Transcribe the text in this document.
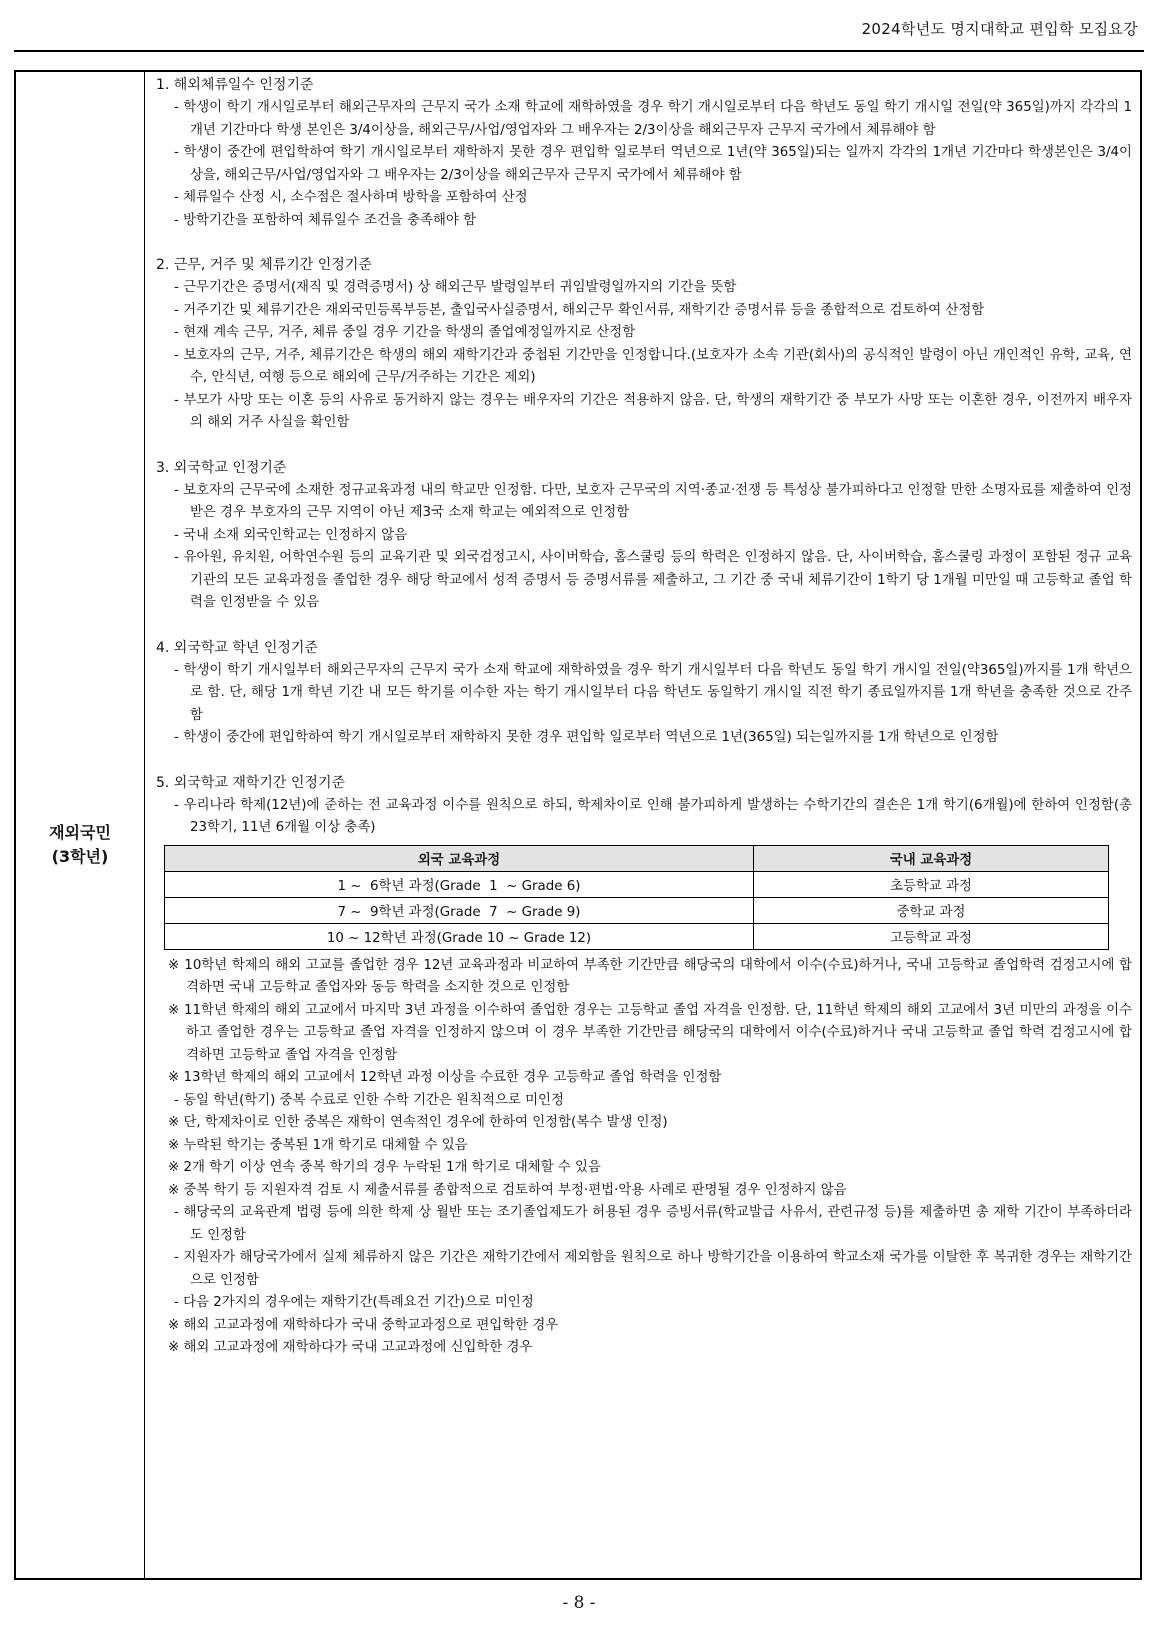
2024학년도 명지대학교 편입학 모집요강
재외국민
(3학년)

1. 해외체류일수 인정기준

- 학생이 학기 개시일로부터 해외근무자의 근무지 국가 소재 학교에 재학하였을 경우 학기 개시일로부터 다음 학년도 동일 학기 개시일 전일(약 365일)까지 각각의 1개년 기간마다 학생 본인은 3/4이상을, 해외근무/사업/영업자와 그 배우자는 2/3이상을 해외근무자 근무지 국가에서 체류해야 함

- 학생이 중간에 편입학하여 학기 개시일로부터 재학하지 못한 경우 편입학 일로부터 역년으로 1년(약 365일)되는 일까지 각각의 1개년 기간마다 학생본인은 3/4이상을, 해외근무/사업/영업자와 그 배우자는 2/3이상을 해외근무자 근무지 국가에서 체류해야 함

- 체류일수 산정 시, 소수점은 절사하며 방학을 포함하여 산정

- 방학기간을 포함하여 체류일수 조건을 충족해야 함

2. 근무, 거주 및 체류기간 인정기준

- 근무기간은 증명서(재직 및 경력증명서) 상 해외근무 발령일부터 귀임발령일까지의 기간을 뜻함

- 거주기간 및 체류기간은 재외국민등록부등본, 출입국사실증명서, 해외근무 확인서류, 재학기간 증명서류 등을 종합적으로 검토하여 산정함

- 현재 계속 근무, 거주, 체류 중일 경우 기간을 학생의 졸업예정일까지로 산정함

- 보호자의 근무, 거주, 체류기간은 학생의 해외 재학기간과 중첩된 기간만을 인정합니다.(보호자가 소속 기관(회사)의 공식적인 발령이 아닌 개인적인 유학, 교육, 연수, 안식년, 여행 등으로 해외에 근무/거주하는 기간은 제외)

- 부모가 사망 또는 이혼 등의 사유로 동거하지 않는 경우는 배우자의 기간은 적용하지 않음. 단, 학생의 재학기간 중 부모가 사망 또는 이혼한 경우, 이전까지 배우자의 해외 거주 사실을 확인함

3. 외국학교 인정기준

- 보호자의 근무국에 소재한 정규교육과정 내의 학교만 인정함. 다만, 보호자 근무국의 지역·종교·전쟁 등 특성상 불가피하다고 인정할 만한 소명자료를 제출하여 인정받은 경우 부호자의 근무 지역이 아닌 제3국 소재 학교는 예외적으로 인정함

- 국내 소재 외국인학교는 인정하지 않음

- 유아원, 유치원, 어학연수원 등의 교육기관 및 외국검정고시, 사이버학습, 홈스쿨링 등의 학력은 인정하지 않음. 단, 사이버학습, 홈스쿨링 과정이 포함된 정규 교육기관의 모든 교육과정을 졸업한 경우 해당 학교에서 성적 증명서 등 증명서류를 제출하고, 그 기간 중 국내 체류기간이 1학기 당 1개월 미만일 때 고등학교 졸업 학력을 인정받을 수 있음

4. 외국학교 학년 인정기준

- 학생이 학기 개시일부터 해외근무자의 근무지 국가 소재 학교에 재학하였을 경우 학기 개시일부터 다음 학년도 동일 학기 개시일 전일(약365일)까지를 1개 학년으로 함. 단, 해당 1개 학년 기간 내 모든 학기를 이수한 자는 학기 개시일부터 다음 학년도 동일학기 개시일 직전 학기 종료일까지를 1개 학년을 충족한 것으로 간주함

- 학생이 중간에 편입학하여 학기 개시일로부터 재학하지 못한 경우 편입학 일로부터 역년으로 1년(365일) 되는일까지를 1개 학년으로 인정함

5. 외국학교 재학기간 인정기준

- 우리나라 학제(12년)에 준하는 전 교육과정 이수를 원칙으로 하되, 학제차이로 인해 불가피하게 발생하는 수학기간의 결손은 1개 학기(6개월)에 한하여 인정함(총 23학기, 11년 6개월 이상 충족)

외국 교육과정	국내 교육과정
1 ~  6학년 과정(Grade  1  ~ Grade 6)	초등학교 과정
7 ~  9학년 과정(Grade  7  ~ Grade 9)	중학교 과정
10 ~ 12학년 과정(Grade 10 ~ Grade 12)	고등학교 과정

※ 10학년 학제의 해외 고교를 졸업한 경우 12년 교육과정과 비교하여 부족한 기간만큼 해당국의 대학에서 이수(수료)하거나, 국내 고등학교 졸업학력 검정고시에 합격하면 국내 고등학교 졸업자와 동등 학력을 소지한 것으로 인정함

※ 11학년 학제의 해외 고교에서 마지막 3년 과정을 이수하여 졸업한 경우는 고등학교 졸업 자격을 인정함. 단, 11학년 학제의 해외 고교에서 3년 미만의 과정을 이수하고 졸업한 경우는 고등학교 졸업 자격을 인정하지 않으며 이 경우 부족한 기간만큼 해당국의 대학에서 이수(수료)하거나 국내 고등학교 졸업 학력 검정고시에 합격하면 고등학교 졸업 자격을 인정함

※ 13학년 학제의 해외 고교에서 12학년 과정 이상을 수료한 경우 고등학교 졸업 학력을 인정함

- 동일 학년(학기) 중복 수료로 인한 수학 기간은 원칙적으로 미인정

※ 단, 학제차이로 인한 중복은 재학이 연속적인 경우에 한하여 인정함(복수 발생 인정)

※ 누락된 학기는 중복된 1개 학기로 대체할 수 있음

※ 2개 학기 이상 연속 중복 학기의 경우 누락된 1개 학기로 대체할 수 있음

※ 중복 학기 등 지원자격 검토 시 제출서류를 종합적으로 검토하여 부정·편법·악용 사례로 판명될 경우 인정하지 않음

- 해당국의 교육관계 법령 등에 의한 학제 상 월반 또는 조기졸업제도가 허용된 경우 증빙서류(학교발급 사유서, 관련규정 등)를 제출하면 총 재학 기간이 부족하더라도 인정함

- 지원자가 해당국가에서 실제 체류하지 않은 기간은 재학기간에서 제외함을 원칙으로 하나 방학기간을 이용하여 학교소재 국가를 이탈한 후 복귀한 경우는 재학기간으로 인정함

- 다음 2가지의 경우에는 재학기간(특례요건 기간)으로 미인정

※ 해외 고교과정에 재학하다가 국내 중학교과정으로 편입학한 경우

※ 해외 고교과정에 재학하다가 국내 고교과정에 신입학한 경우

- 8 -
